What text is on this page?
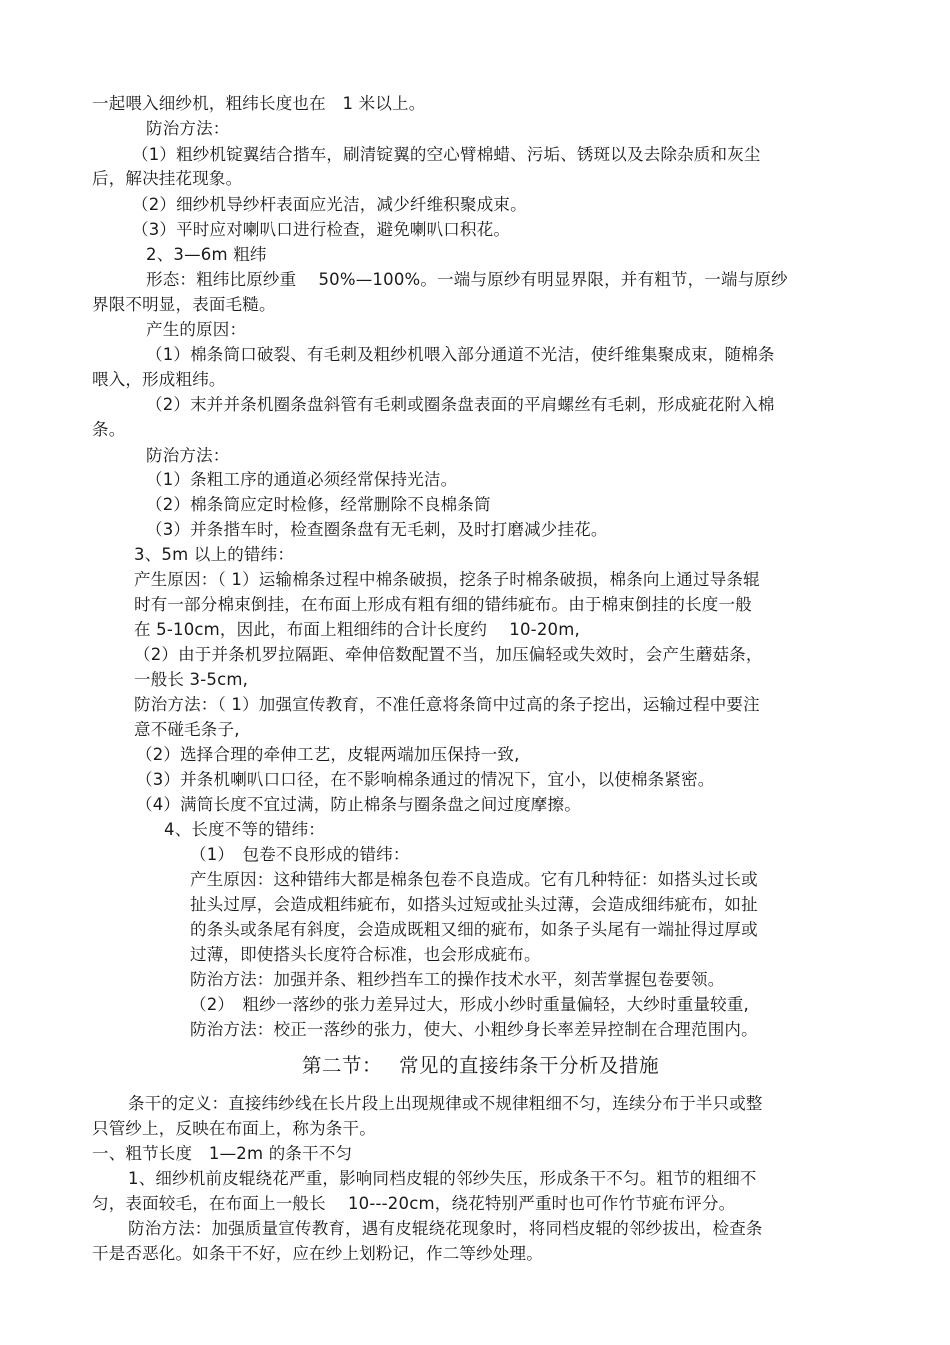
一起喂入细纱机，粗纬长度也在　1 米以上。
防治方法：
（1）粗纱机锭翼结合揩车，刷清锭翼的空心臂棉蜡、污垢、锈斑以及去除杂质和灰尘
后，解决挂花现象。
（2）细纱机导纱杆表面应光洁，减少纤维积聚成束。
（3）平时应对喇叭口进行检查，避免喇叭口积花。
2、3—6m 粗纬
形态：粗纬比原纱重　 50%—100%。一端与原纱有明显界限，并有粗节，一端与原纱
界限不明显，表面毛糙。
产生的原因：
（1）棉条筒口破裂、有毛刺及粗纱机喂入部分通道不光洁，使纤维集聚成束，随棉条
喂入，形成粗纬。
（2）末并并条机圈条盘斜管有毛刺或圈条盘表面的平肩螺丝有毛刺，形成疵花附入棉
条。
防治方法：
（1）条粗工序的通道必须经常保持光洁。
（2）棉条筒应定时检修，经常删除不良棉条筒
（3）并条揩车时，检查圈条盘有无毛刺，及时打磨减少挂花。
3、5m 以上的错纬：
产生原因：（ 1）运输棉条过程中棉条破损，挖条子时棉条破损，棉条向上通过导条辊
时有一部分棉束倒挂，在布面上形成有粗有细的错纬疵布。由于棉束倒挂的长度一般
在 5-10cm，因此，布面上粗细纬的合计长度约　 10-20m,
（2）由于并条机罗拉隔距、牵伸倍数配置不当，加压偏轻或失效时，会产生蘑菇条，
一般长 3-5cm,
防治方法：（ 1）加强宣传教育，不准任意将条筒中过高的条子挖出，运输过程中要注
意不碰毛条子,
（2）选择合理的牵伸工艺，皮辊两端加压保持一致,
（3）并条机喇叭口口径，在不影响棉条通过的情况下，宜小，以使棉条紧密。
（4）满筒长度不宜过满，防止棉条与圈条盘之间过度摩擦。
4、长度不等的错纬：
（1）　包卷不良形成的错纬：
产生原因：这种错纬大都是棉条包卷不良造成。它有几种特征：如搭头过长或
扯头过厚，会造成粗纬疵布，如搭头过短或扯头过薄，会造成细纬疵布，如扯
的条头或条尾有斜度，会造成既粗又细的疵布，如条子头尾有一端扯得过厚或
过薄，即使搭头长度符合标准，也会形成疵布。
防治方法：加强并条、粗纱挡车工的操作技术水平，刻苦掌握包卷要领。
（2）　粗纱一落纱的张力差异过大，形成小纱时重量偏轻，大纱时重量较重,
防治方法：校正一落纱的张力，使大、小粗纱身长率差异控制在合理范围内。
第二节：　 常见的直接纬条干分析及措施
条干的定义：直接纬纱线在长片段上出现规律或不规律粗细不匀，连续分布于半只或整
只管纱上，反映在布面上，称为条干。
一、粗节长度　1—2m 的条干不匀
1、细纱机前皮辊绕花严重，影响同档皮辊的邻纱失压，形成条干不匀。粗节的粗细不
匀，表面较毛，在布面上一般长　 10---20cm，绕花特别严重时也可作竹节疵布评分。
防治方法：加强质量宣传教育，遇有皮辊绕花现象时，将同档皮辊的邻纱拔出，检查条
干是否恶化。如条干不好，应在纱上划粉记，作二等纱处理。
